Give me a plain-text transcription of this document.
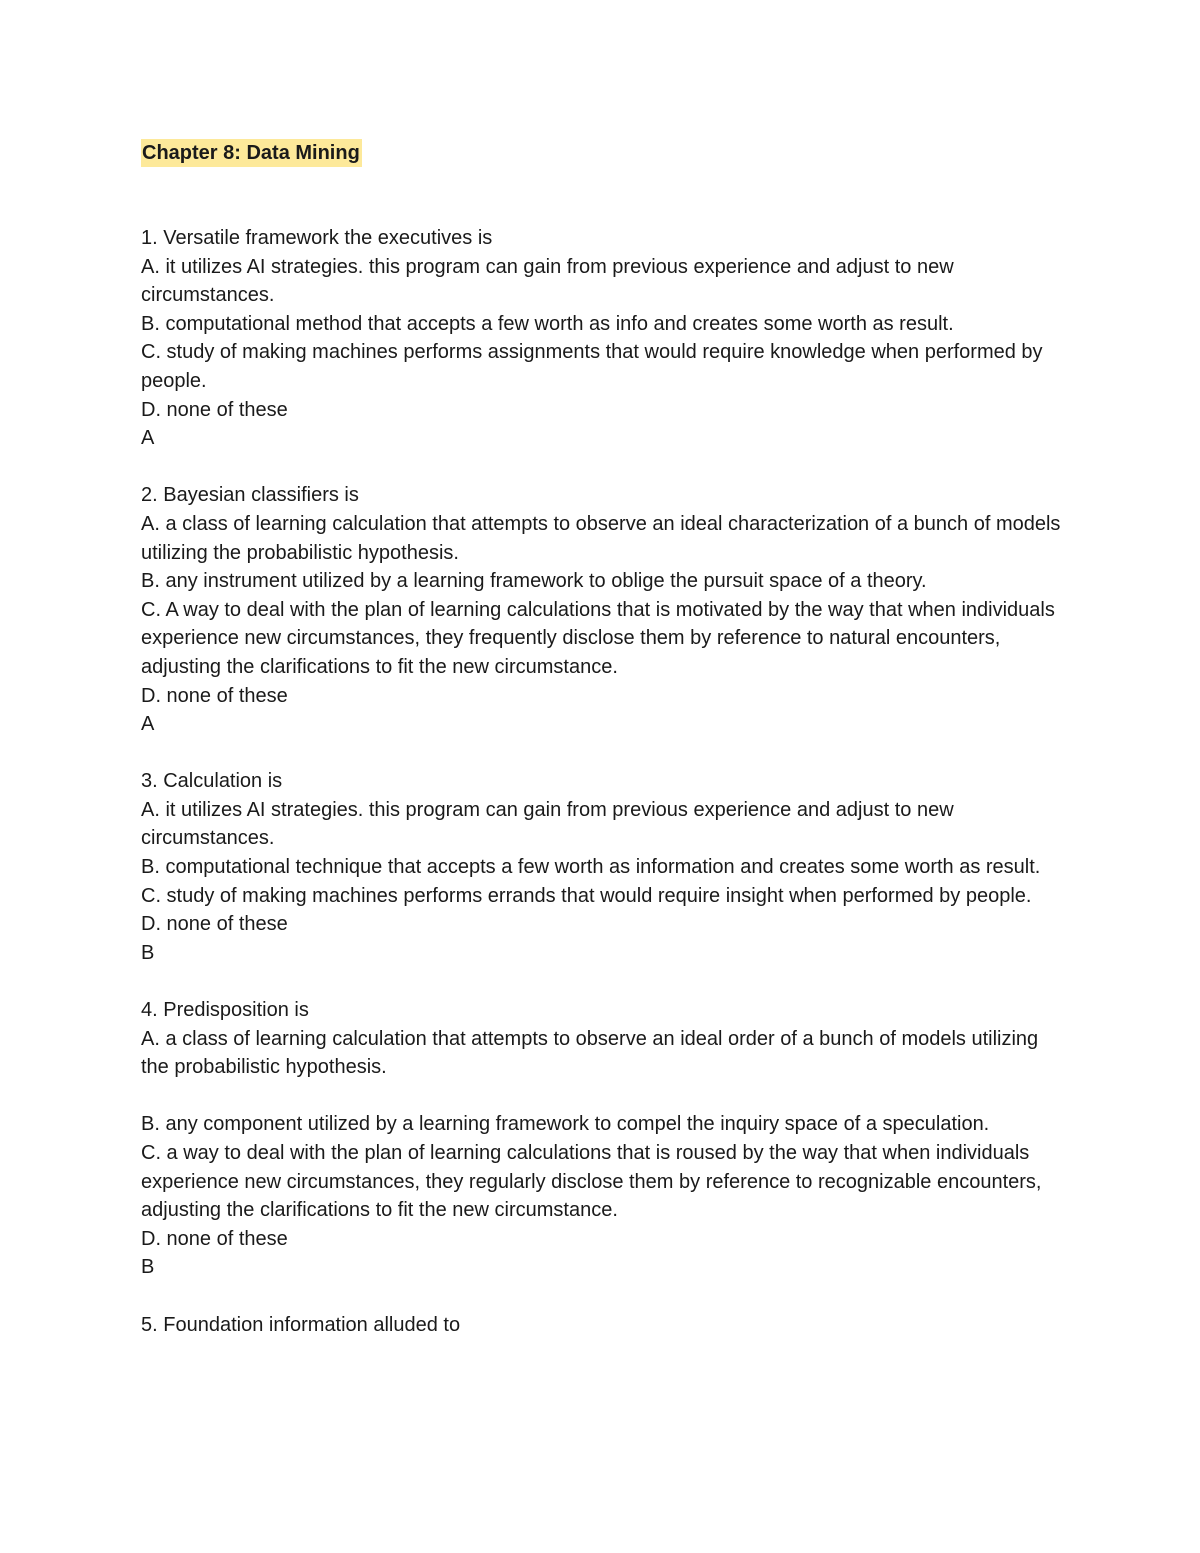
Chapter 8: Data Mining
1. Versatile framework the executives is
A. it utilizes AI strategies. this program can gain from previous experience and adjust to new circumstances.
B. computational method that accepts a few worth as info and creates some worth as result.
C. study of making machines performs assignments that would require knowledge when performed by people.
D. none of these
A
2. Bayesian classifiers is
A. a class of learning calculation that attempts to observe an ideal characterization of a bunch of models utilizing the probabilistic hypothesis.
B. any instrument utilized by a learning framework to oblige the pursuit space of a theory.
C. A way to deal with the plan of learning calculations that is motivated by the way that when individuals experience new circumstances, they frequently disclose them by reference to natural encounters, adjusting the clarifications to fit the new circumstance.
D. none of these
A
3. Calculation is
A. it utilizes AI strategies. this program can gain from previous experience and adjust to new circumstances.
B. computational technique that accepts a few worth as information and creates some worth as result.
C. study of making machines performs errands that would require insight when performed by people.
D. none of these
B
4. Predisposition is
A. a class of learning calculation that attempts to observe an ideal order of a bunch of models utilizing the probabilistic hypothesis.
B. any component utilized by a learning framework to compel the inquiry space of a speculation.
C. a way to deal with the plan of learning calculations that is roused by the way that when individuals experience new circumstances, they regularly disclose them by reference to recognizable encounters, adjusting the clarifications to fit the new circumstance.
D. none of these
B
5. Foundation information alluded to
